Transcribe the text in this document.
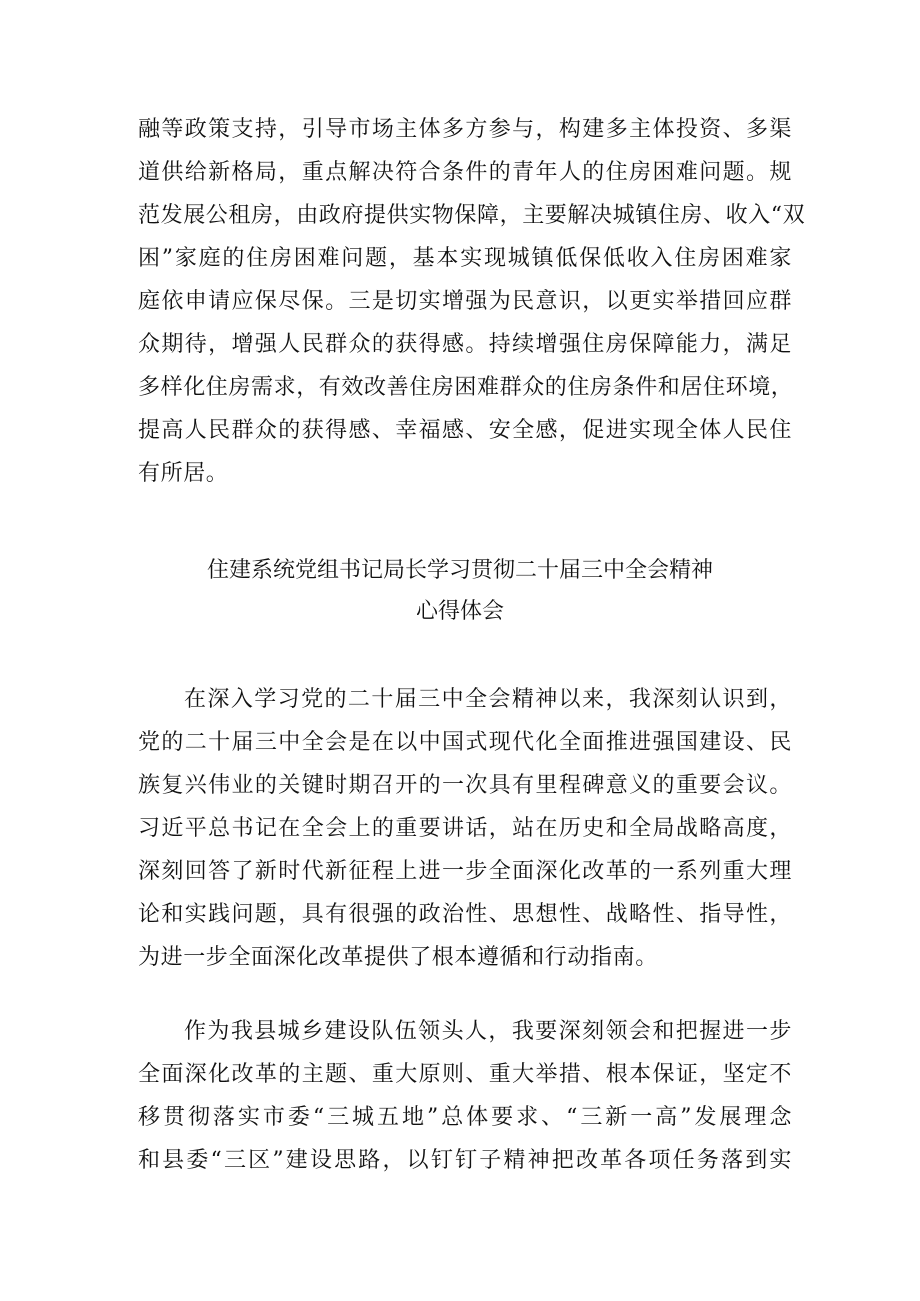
融等政策支持，引导市场主体多方参与，构建多主体投资、多渠
道供给新格局，重点解决符合条件的青年人的住房困难问题。规
范发展公租房，由政府提供实物保障，主要解决城镇住房、收入“双
困”家庭的住房困难问题，基本实现城镇低保低收入住房困难家
庭依申请应保尽保。三是切实增强为民意识，以更实举措回应群
众期待，增强人民群众的获得感。持续增强住房保障能力，满足
多样化住房需求，有效改善住房困难群众的住房条件和居住环境，
提高人民群众的获得感、幸福感、安全感，促进实现全体人民住
有所居。
住建系统党组书记局长学习贯彻二十届三中全会精神
心得体会
在深入学习党的二十届三中全会精神以来，我深刻认识到，
党的二十届三中全会是在以中国式现代化全面推进强国建设、民
族复兴伟业的关键时期召开的一次具有里程碑意义的重要会议。
习近平总书记在全会上的重要讲话，站在历史和全局战略高度，
深刻回答了新时代新征程上进一步全面深化改革的一系列重大理
论和实践问题，具有很强的政治性、思想性、战略性、指导性，
为进一步全面深化改革提供了根本遵循和行动指南。
作为我县城乡建设队伍领头人，我要深刻领会和把握进一步
全面深化改革的主题、重大原则、重大举措、根本保证，坚定不
移贯彻落实市委“三城五地”总体要求、“三新一高”发展理念
和县委“三区”建设思路，以钉钉子精神把改革各项任务落到实
